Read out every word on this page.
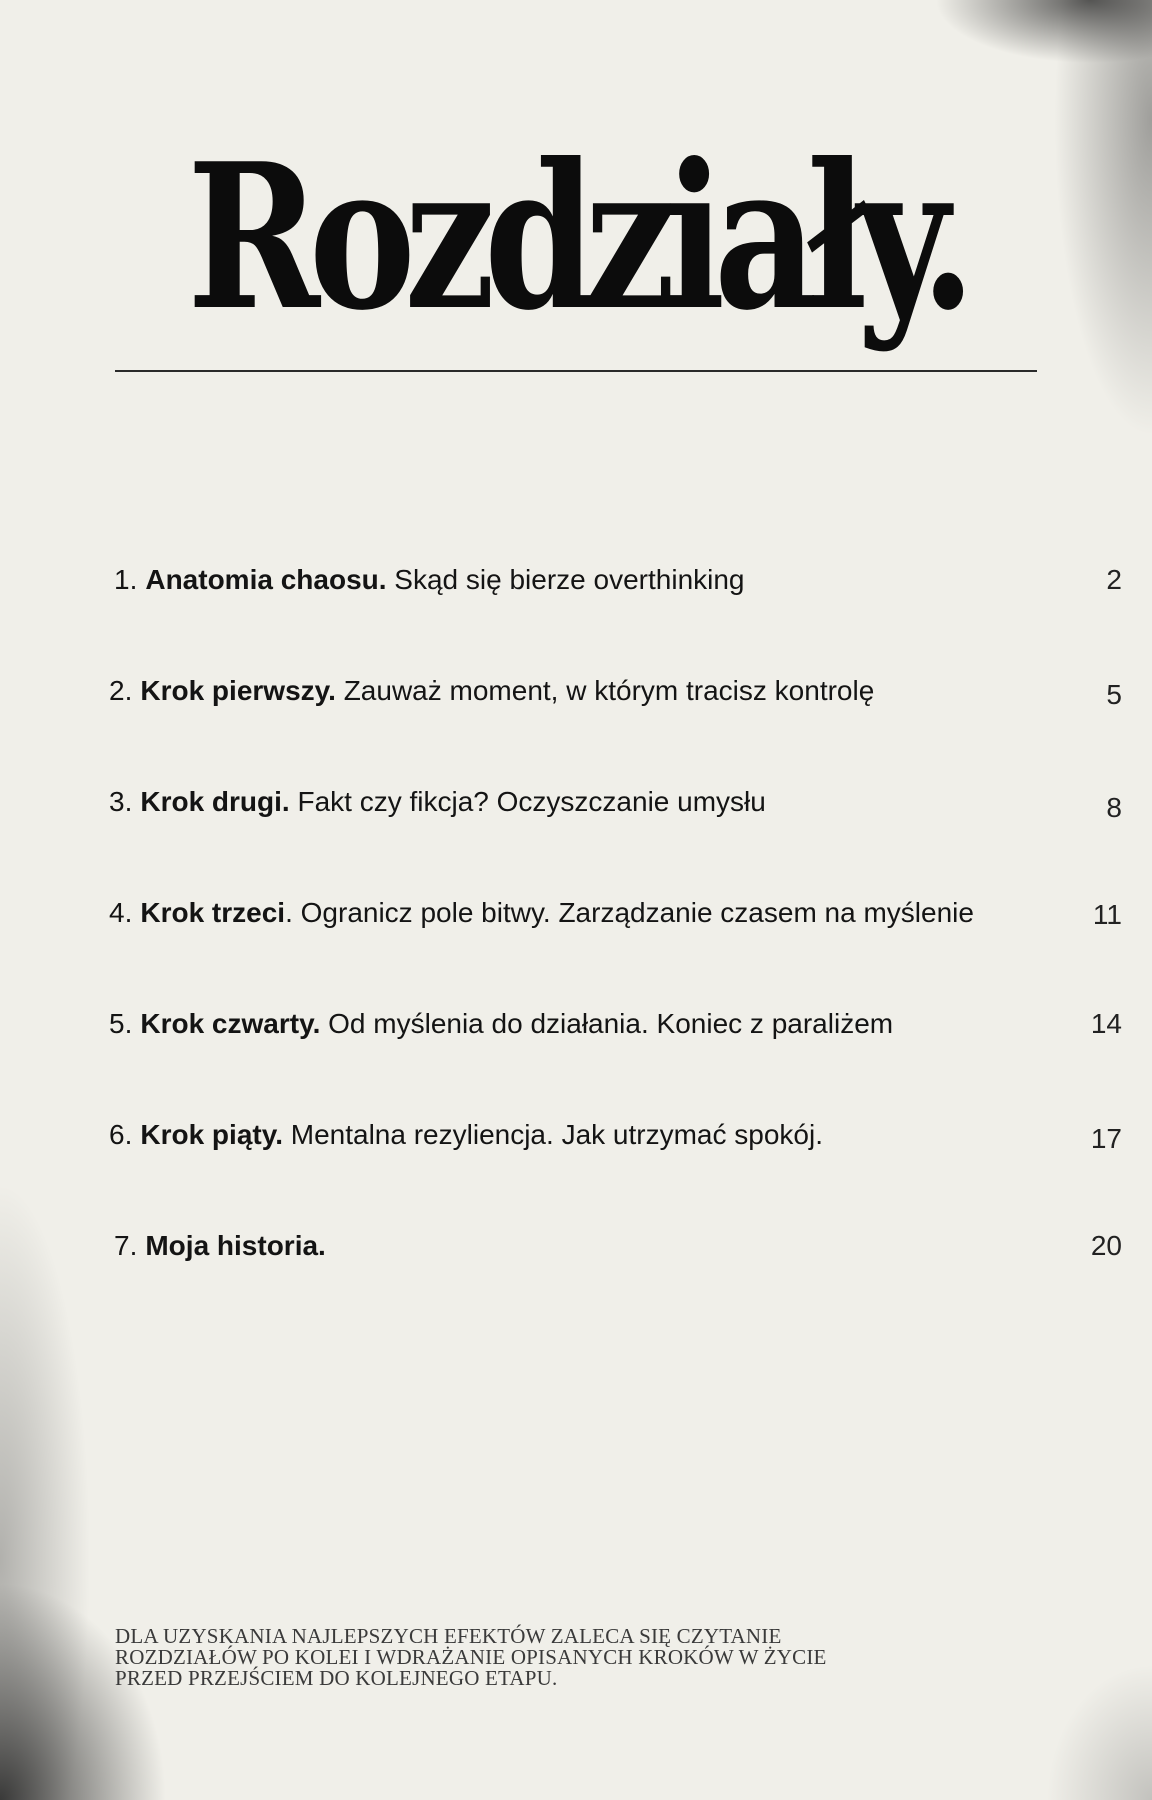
Rozdziały.
1. Anatomia chaosu. Skąd się bierze overthinking	2
2. Krok pierwszy. Zauważ moment, w którym tracisz kontrolę	5
3. Krok drugi. Fakt czy fikcja? Oczyszczanie umysłu	8
4. Krok trzeci. Ogranicz pole bitwy. Zarządzanie czasem na myślenie	11
5. Krok czwarty. Od myślenia do działania. Koniec z paraliżem	14
6. Krok piąty. Mentalna rezyliencja. Jak utrzymać spokój.	17
7. Moja historia.	20
DLA UZYSKANIA NAJLEPSZYCH EFEKTÓW ZALECA SIĘ CZYTANIE
ROZDZIAŁÓW PO KOLEI I WDRAŻANIE OPISANYCH KROKÓW W ŻYCIE
PRZED PRZEJŚCIEM DO KOLEJNEGO ETAPU.
